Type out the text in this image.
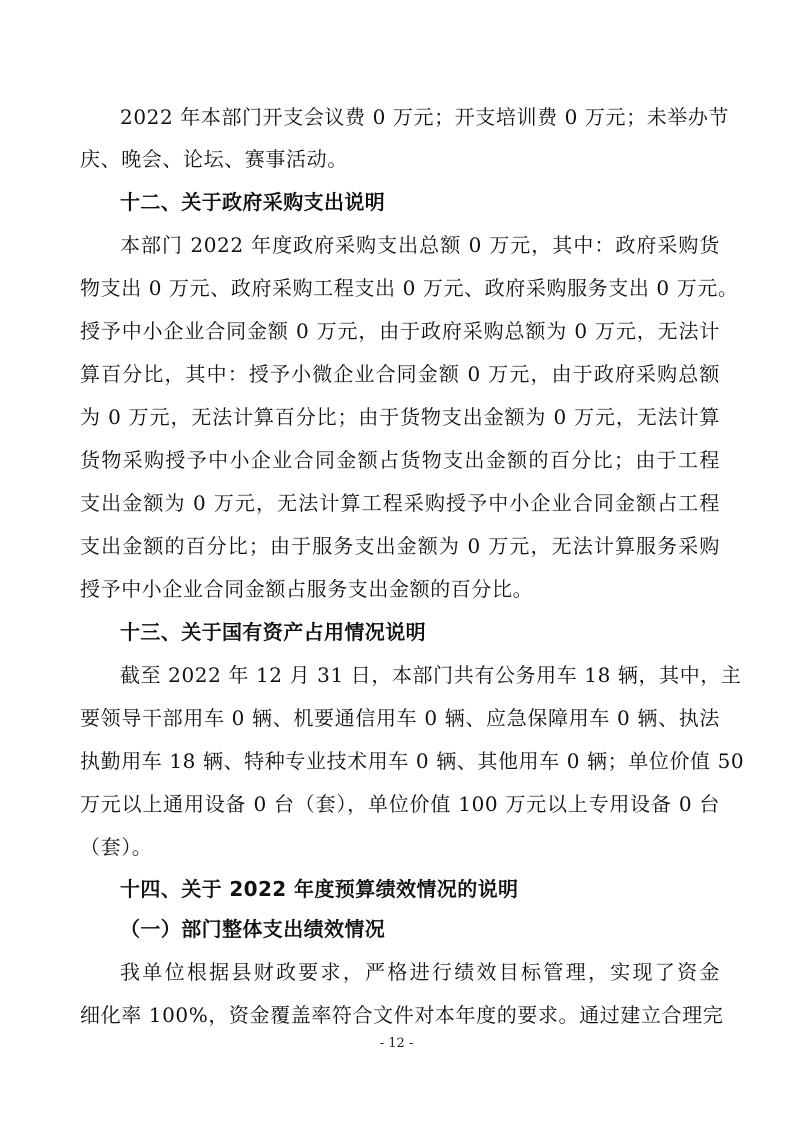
2022 年本部门开支会议费 0 万元；开支培训费 0 万元；未举办节
庆、晚会、论坛、赛事活动。
十二、关于政府采购支出说明
本部门 2022 年度政府采购支出总额 0 万元，其中：政府采购货
物支出 0 万元、政府采购工程支出 0 万元、政府采购服务支出 0 万元。
授予中小企业合同金额 0 万元，由于政府采购总额为 0 万元，无法计
算百分比，其中：授予小微企业合同金额 0 万元，由于政府采购总额
为 0 万元，无法计算百分比；由于货物支出金额为 0 万元，无法计算
货物采购授予中小企业合同金额占货物支出金额的百分比；由于工程
支出金额为 0 万元，无法计算工程采购授予中小企业合同金额占工程
支出金额的百分比；由于服务支出金额为 0 万元，无法计算服务采购
授予中小企业合同金额占服务支出金额的百分比。
十三、关于国有资产占用情况说明
截至 2022 年 12 月 31 日，本部门共有公务用车 18 辆，其中，主
要领导干部用车 0 辆、机要通信用车 0 辆、应急保障用车 0 辆、执法
执勤用车 18 辆、特种专业技术用车 0 辆、其他用车 0 辆；单位价值 50
万元以上通用设备 0 台（套），单位价值 100 万元以上专用设备 0 台
（套）。
十四、关于 2022 年度预算绩效情况的说明
（一）部门整体支出绩效情况
我单位根据县财政要求，严格进行绩效目标管理，实现了资金
细化率 100%，资金覆盖率符合文件对本年度的要求。通过建立合理完
- 12 -
